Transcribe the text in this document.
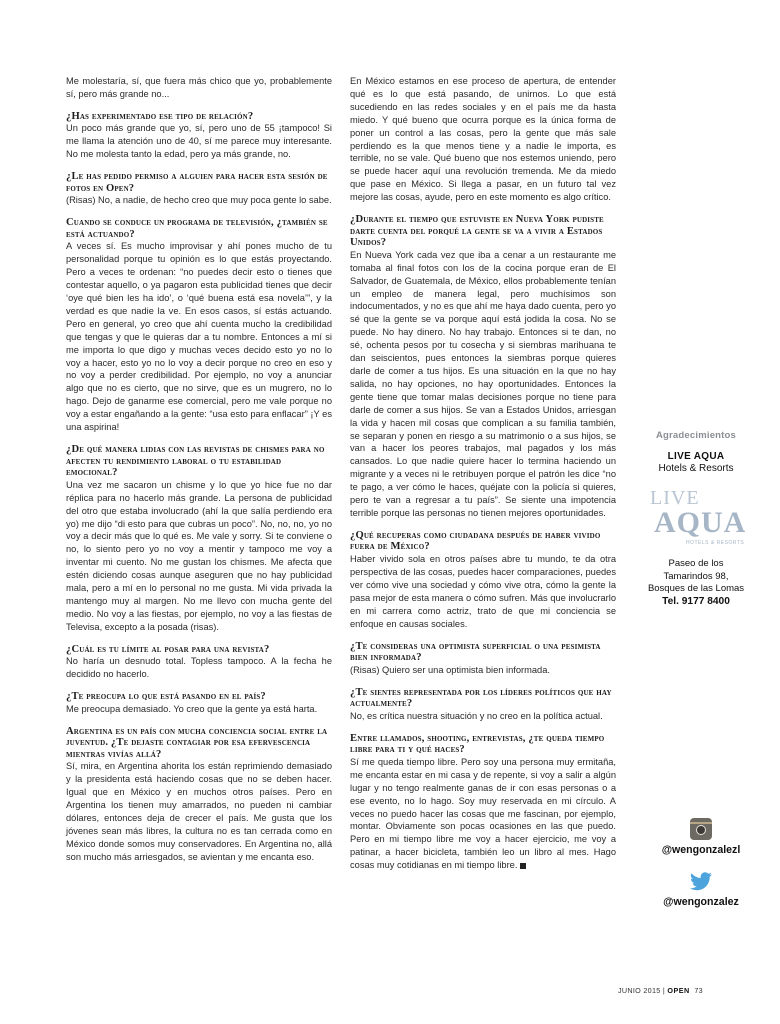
Me molestaría, sí, que fuera más chico que yo, probablemente sí, pero más grande no...

¿Has experimentado ese tipo de relación?

Un poco más grande que yo, sí, pero uno de 55 ¡tampoco! Si me llama la atención uno de 40, sí me parece muy interesante. No me molesta tanto la edad, pero ya más grande, no.

¿Le has pedido permiso a alguien para hacer esta sesión de fotos en Open?

(Risas) No, a nadie, de hecho creo que muy poca gente lo sabe.

Cuando se conduce un programa de televisión, ¿también se está actuando?

A veces sí. Es mucho improvisar y ahí pones mucho de tu personalidad porque tu opinión es lo que estás proyectando. Pero a veces te ordenan: “no puedes decir esto o tienes que contestar aquello, o ya pagaron esta publicidad tienes que decir ‘oye qué bien les ha ido’, o ‘qué buena está esa novela’”, y la verdad es que nadie la ve. En esos casos, sí estás actuando. Pero en general, yo creo que ahí cuenta mucho la credibilidad que tengas y que le quieras dar a tu nombre. Entonces a mí si me importa lo que digo y muchas veces decido esto yo no lo voy a hacer, esto yo no lo voy a decir porque no creo en eso y no voy a perder credibilidad. Por ejemplo, no voy a anunciar algo que no es cierto, que no sirve, que es un mugrero, no lo hago. Dejo de ganarme ese comercial, pero me vale porque no voy a estar engañando a la gente: “usa esto para enflacar” ¡Y es una aspirina!

¿De qué manera lidias con las revistas de chismes para no afecten tu rendimiento laboral o tu estabilidad emocional?

Una vez me sacaron un chisme y lo que yo hice fue no dar réplica para no hacerlo más grande. La persona de publicidad del otro que estaba involucrado (ahí la que salía perdiendo era yo) me dijo “di esto para que cubras un poco”. No, no, no, yo no voy a decir más que lo qué es. Me vale y sorry. Si te conviene o no, lo siento pero yo no voy a mentir y tampoco me voy a inventar mi cuento. No me gustan los chismes. Me afecta que estén diciendo cosas aunque aseguren que no hay publicidad mala, pero a mí en lo personal no me gusta. Mi vida privada la mantengo muy al margen. No me llevo con mucha gente del medio. No voy a las fiestas, por ejemplo, no voy a las fiestas de Televisa, excepto a la posada (risas).

¿Cuál es tu límite al posar para una revista?

No haría un desnudo total. Topless tampoco. A la fecha he decidido no hacerlo.

¿Te preocupa lo que está pasando en el país?

Me preocupa demasiado. Yo creo que la gente ya está harta.

Argentina es un país con mucha conciencia social entre la juventud. ¿Te dejaste contagiar por esa efervescencia mientras vivías allá?

Sí, mira, en Argentina ahorita los están reprimiendo demasiado y la presidenta está haciendo cosas que no se deben hacer. Igual que en México y en muchos otros países. Pero en Argentina los tienen muy amarrados, no pueden ni cambiar dólares, entonces deja de crecer el país. Me gusta que los jóvenes sean más libres, la cultura no es tan cerrada como en México donde somos muy conservadores. En Argentina no, allá son mucho más arriesgados, se avientan y me encanta eso.

En México estamos en ese proceso de apertura, de entender qué es lo que está pasando, de unirnos. Lo que está sucediendo en las redes sociales y en el país me da hasta miedo. Y qué bueno que ocurra porque es la única forma de poner un control a las cosas, pero la gente que más sale perdiendo es la que menos tiene y a nadie le importa, es terrible, no se vale. Qué bueno que nos estemos uniendo, pero se puede hacer aquí una revolución tremenda. Me da miedo que pase en México. Si llega a pasar, en un futuro tal vez mejore las cosas, ayude, pero en este momento es algo crítico.

¿Durante el tiempo que estuviste en Nueva York pudiste darte cuenta del porqué la gente se va a vivir a Estados Unidos?

En Nueva York cada vez que iba a cenar a un restaurante me tomaba al final fotos con los de la cocina porque eran de El Salvador, de Guatemala, de México, ellos probablemente tenían un empleo de manera legal, pero muchísimos son indocumentados, y no es que ahí me haya dado cuenta, pero yo sé que la gente se va porque aquí está jodida la cosa. No se puede. No hay dinero. No hay trabajo. Entonces si te dan, no sé, ochenta pesos por tu cosecha y si siembras marihuana te dan seiscientos, pues entonces la siembras porque quieres darle de comer a tus hijos. Es una situación en la que no hay salida, no hay opciones, no hay oportunidades. Entonces la gente tiene que tomar malas decisiones porque no tiene para darle de comer a sus hijos. Se van a Estados Unidos, arriesgan la vida y hacen mil cosas que complican a su familia también, se separan y ponen en riesgo a su matrimonio o a sus hijos, se van a hacer los peores trabajos, mal pagados y los más cansados. Lo que nadie quiere hacer lo termina haciendo un migrante y a veces ni le retribuyen porque el patrón les dice “no te pago, a ver cómo le haces, quéjate con la policía si quieres, pero te van a regresar a tu país”. Se siente una impotencia terrible porque las personas no tienen mejores oportunidades.

¿Qué recuperas como ciudadana después de haber vivido fuera de México?

Haber vivido sola en otros países abre tu mundo, te da otra perspectiva de las cosas, puedes hacer comparaciones, puedes ver cómo vive una sociedad y cómo vive otra, cómo la gente la pasa mejor de esta manera o cómo sufren. Más que involucrarlo en mi carrera como actriz, trato de que mi conciencia se enfoque en causas sociales.

¿Te consideras una optimista superficial o una pesimista bien informada?

(Risas) Quiero ser una optimista bien informada.

¿Te sientes representada por los líderes políticos que hay actualmente?

No, es crítica nuestra situación y no creo en la política actual.

Entre llamados, shooting, entrevistas, ¿te queda tiempo libre para ti y qué haces?

Sí me queda tiempo libre. Pero soy una persona muy ermitaña, me encanta estar en mi casa y de repente, si voy a salir a algún lugar y no tengo realmente ganas de ir con esas personas o a ese evento, no lo hago. Soy muy reservada en mi círculo. A veces no puedo hacer las cosas que me fascinan, por ejemplo, montar. Obviamente son pocas ocasiones en las que puedo. Pero en mi tiempo libre me voy a hacer ejercicio, me voy a patinar, a hacer bicicleta, también leo un libro al mes. Hago cosas muy cotidianas en mi tiempo libre.

Agradecimientos

LIVE AQUA

Hotels & Resorts

LIVE
AQUA
HOTELS & RESORTS

Paseo de los
Tamarindos 98,
Bosques de las Lomas

Tel. 9177 8400

@wengonzalezl
@wengonzalez
JUNIO 2015 | OPEN 73
